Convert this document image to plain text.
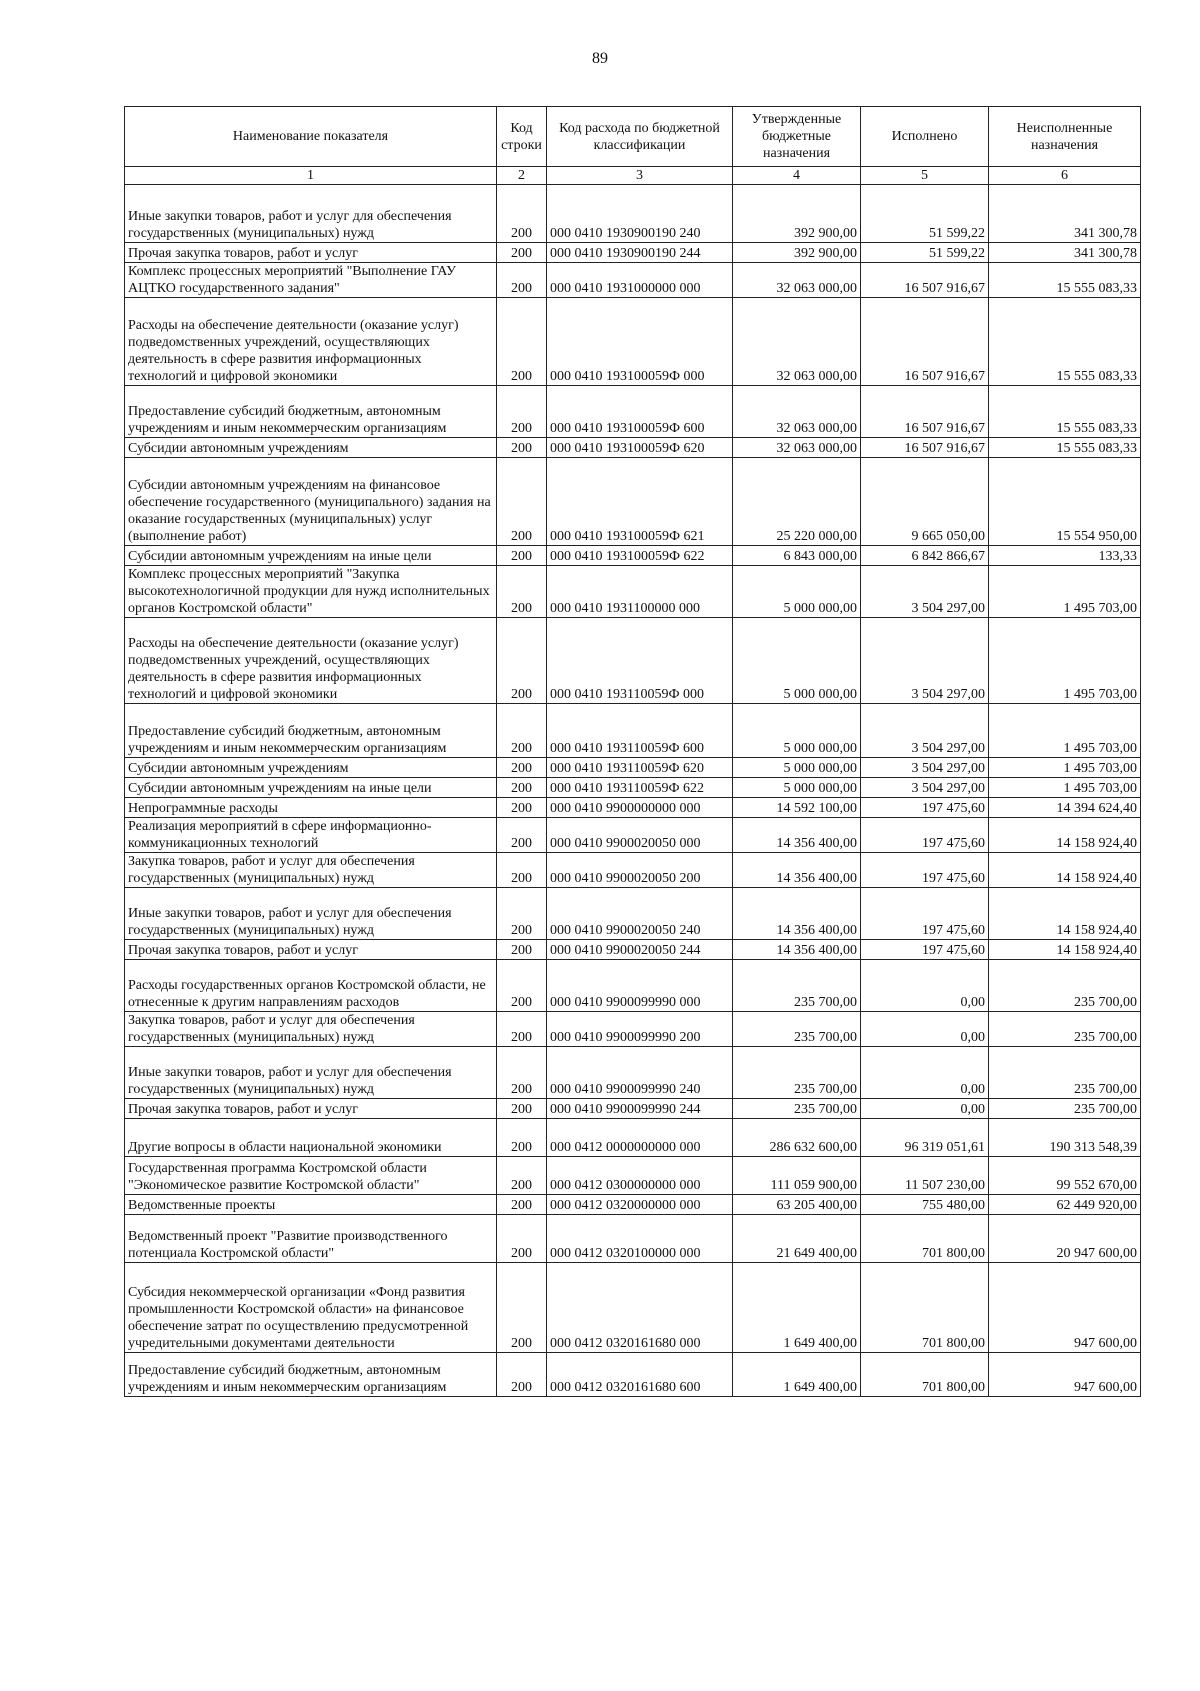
89
Наименование показателя	Код строки	Код расхода по бюджетной классификации	Утвержденные бюджетные назначения	Исполнено	Неисполненные назначения
1	2	3	4	5	6
Иные закупки товаров, работ и услуг для обеспечения государственных (муниципальных) нужд	200	000 0410 1930900190 240	392 900,00	51 599,22	341 300,78
Прочая закупка товаров, работ и услуг	200	000 0410 1930900190 244	392 900,00	51 599,22	341 300,78
Комплекс процессных мероприятий "Выполнение ГАУ АЦТКО государственного задания"	200	000 0410 1931000000 000	32 063 000,00	16 507 916,67	15 555 083,33
Расходы на обеспечение деятельности (оказание услуг) подведомственных учреждений, осуществляющих деятельность в сфере развития информационных технологий и цифровой экономики	200	000 0410 193100059Ф 000	32 063 000,00	16 507 916,67	15 555 083,33
Предоставление субсидий бюджетным, автономным учреждениям и иным некоммерческим организациям	200	000 0410 193100059Ф 600	32 063 000,00	16 507 916,67	15 555 083,33
Субсидии автономным учреждениям	200	000 0410 193100059Ф 620	32 063 000,00	16 507 916,67	15 555 083,33
Субсидии автономным учреждениям на финансовое обеспечение государственного (муниципального) задания на оказание государственных (муниципальных) услуг (выполнение работ)	200	000 0410 193100059Ф 621	25 220 000,00	9 665 050,00	15 554 950,00
Субсидии автономным учреждениям на иные цели	200	000 0410 193100059Ф 622	6 843 000,00	6 842 866,67	133,33
Комплекс процессных мероприятий "Закупка высокотехнологичной продукции для нужд исполнительных органов Костромской области"	200	000 0410 1931100000 000	5 000 000,00	3 504 297,00	1 495 703,00
Расходы на обеспечение деятельности (оказание услуг) подведомственных учреждений, осуществляющих деятельность в сфере развития информационных технологий и цифровой экономики	200	000 0410 193110059Ф 000	5 000 000,00	3 504 297,00	1 495 703,00
Предоставление субсидий бюджетным, автономным учреждениям и иным некоммерческим организациям	200	000 0410 193110059Ф 600	5 000 000,00	3 504 297,00	1 495 703,00
Субсидии автономным учреждениям	200	000 0410 193110059Ф 620	5 000 000,00	3 504 297,00	1 495 703,00
Субсидии автономным учреждениям на иные цели	200	000 0410 193110059Ф 622	5 000 000,00	3 504 297,00	1 495 703,00
Непрограммные расходы	200	000 0410 9900000000 000	14 592 100,00	197 475,60	14 394 624,40
Реализация мероприятий в сфере информационно-коммуникационных технологий	200	000 0410 9900020050 000	14 356 400,00	197 475,60	14 158 924,40
Закупка товаров, работ и услуг для обеспечения государственных (муниципальных) нужд	200	000 0410 9900020050 200	14 356 400,00	197 475,60	14 158 924,40
Иные закупки товаров, работ и услуг для обеспечения государственных (муниципальных) нужд	200	000 0410 9900020050 240	14 356 400,00	197 475,60	14 158 924,40
Прочая закупка товаров, работ и услуг	200	000 0410 9900020050 244	14 356 400,00	197 475,60	14 158 924,40
Расходы государственных органов Костромской области, не отнесенные к другим направлениям расходов	200	000 0410 9900099990 000	235 700,00	0,00	235 700,00
Закупка товаров, работ и услуг для обеспечения государственных (муниципальных) нужд	200	000 0410 9900099990 200	235 700,00	0,00	235 700,00
Иные закупки товаров, работ и услуг для обеспечения государственных (муниципальных) нужд	200	000 0410 9900099990 240	235 700,00	0,00	235 700,00
Прочая закупка товаров, работ и услуг	200	000 0410 9900099990 244	235 700,00	0,00	235 700,00
Другие вопросы в области национальной экономики	200	000 0412 0000000000 000	286 632 600,00	96 319 051,61	190 313 548,39
Государственная программа Костромской области "Экономическое развитие Костромской области"	200	000 0412 0300000000 000	111 059 900,00	11 507 230,00	99 552 670,00
Ведомственные проекты	200	000 0412 0320000000 000	63 205 400,00	755 480,00	62 449 920,00
Ведомственный проект "Развитие производственного потенциала Костромской области"	200	000 0412 0320100000 000	21 649 400,00	701 800,00	20 947 600,00
Субсидия некоммерческой организации «Фонд развития промышленности Костромской области» на финансовое обеспечение затрат по осуществлению предусмотренной учредительными документами деятельности	200	000 0412 0320161680 000	1 649 400,00	701 800,00	947 600,00
Предоставление субсидий бюджетным, автономным учреждениям и иным некоммерческим организациям	200	000 0412 0320161680 600	1 649 400,00	701 800,00	947 600,00
